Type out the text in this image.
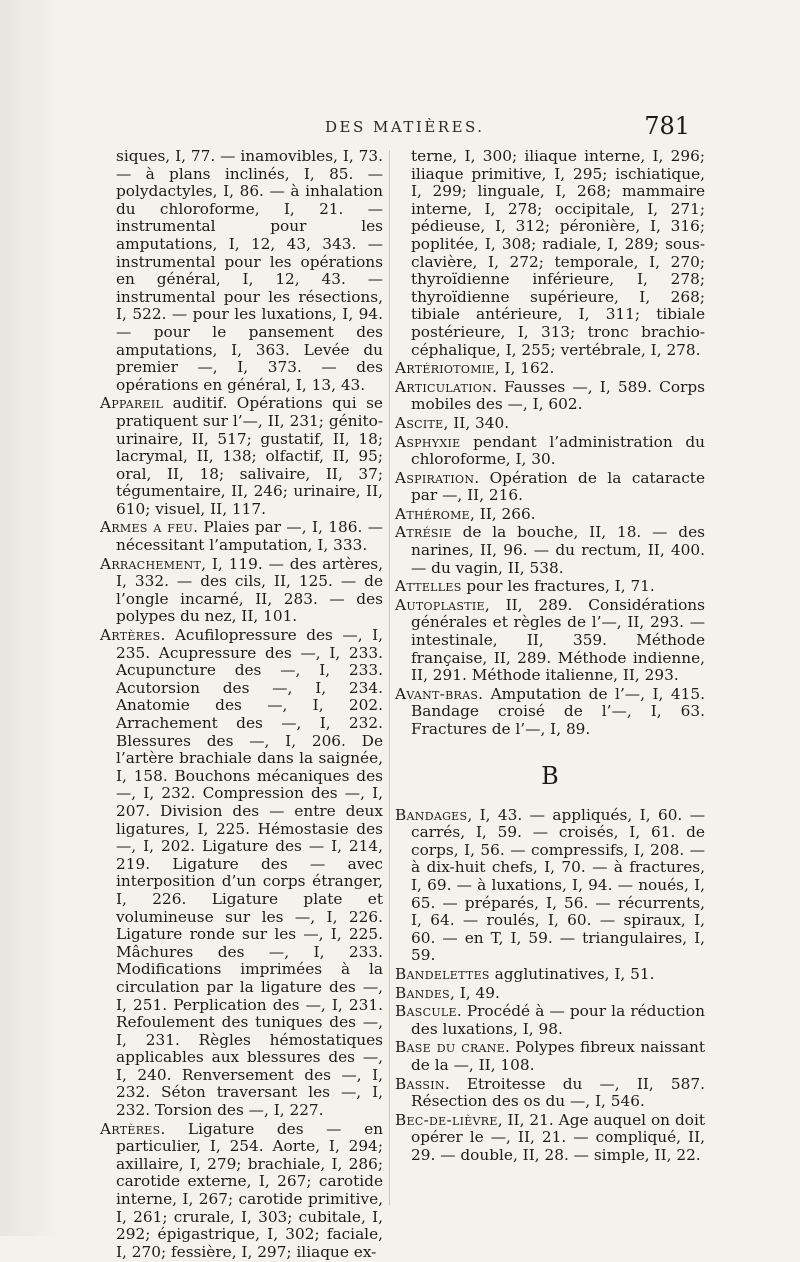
DES MATIÈRES.	781

siques, I, 77. — inamovibles, I, 73. — à plans inclinés, I, 85. — polydactyles, I, 86. — à inhalation du chloroforme, I, 21. — instrumental pour les amputations, I, 12, 43, 343. — instrumental pour les opérations en général, I, 12, 43. — instrumental pour les résections, I, 522. — pour les luxations, I, 94. — pour le pansement des amputations, I, 363. Levée du premier —, I, 373. — des opérations en général, I, 13, 43.

Appareil auditif. Opérations qui se pratiquent sur l’—, II, 231; génito-urinaire, II, 517; gustatif, II, 18; lacrymal, II, 138; olfactif, II, 95; oral, II, 18; salivaire, II, 37; tégumentaire, II, 246; urinaire, II, 610; visuel, II, 117.

Armes a feu. Plaies par —, I, 186. — nécessitant l’amputation, I, 333.

Arrachement, I, 119. — des artères, I, 332. — des cils, II, 125. — de l’ongle incarné, II, 283. — des polypes du nez, II, 101.

Artères. Acufilopressure des —, I, 235. Acupressure des —, I, 233. Acupuncture des —, I, 233. Acutorsion des —, I, 234. Anatomie des —, I, 202. Arrachement des —, I, 232. Blessures des —, I, 206. De l’artère brachiale dans la saignée, I, 158. Bouchons mécaniques des —, I, 232. Compression des —, I, 207. Division des — entre deux ligatures, I, 225. Hémostasie des —, I, 202. Ligature des — I, 214, 219. Ligature des — avec interposition d’un corps étranger, I, 226. Ligature plate et volumineuse sur les —, I, 226. Ligature ronde sur les —, I, 225. Mâchures des —, I, 233. Modifications imprimées à la circulation par la ligature des —, I, 251. Perplication des —, I, 231. Refoulement des tuniques des —, I, 231. Règles hémostatiques applicables aux blessures des —, I, 240. Renversement des —, I, 232. Séton traversant les —, I, 232. Torsion des —, I, 227.

Artères. Ligature des — en particulier, I, 254. Aorte, I, 294; axillaire, I, 279; brachiale, I, 286; carotide externe, I, 267; carotide interne, I, 267; carotide primitive, I, 261; crurale, I, 303; cubitale, I, 292; épigastrique, I, 302; faciale, I, 270; fessière, I, 297; iliaque ex-

terne, I, 300; iliaque interne, I, 296; iliaque primitive, I, 295; ischiatique, I, 299; linguale, I, 268; mammaire interne, I, 278; occipitale, I, 271; pédieuse, I, 312; péronière, I, 316; poplitée, I, 308; radiale, I, 289; sous-clavière, I, 272; temporale, I, 270; thyroïdienne inférieure, I, 278; thyroïdienne supérieure, I, 268; tibiale antérieure, I, 311; tibiale postérieure, I, 313; tronc brachio-céphalique, I, 255; vertébrale, I, 278.

Artériotomie, I, 162.

Articulation. Fausses —, I, 589. Corps mobiles des —, I, 602.

Ascite, II, 340.

Asphyxie pendant l’administration du chloroforme, I, 30.

Aspiration. Opération de la cataracte par —, II, 216.

Athérome, II, 266.

Atrésie de la bouche, II, 18. — des narines, II, 96. — du rectum, II, 400. — du vagin, II, 538.

Attelles pour les fractures, I, 71.

Autoplastie, II, 289. Considérations générales et règles de l’—, II, 293. — intestinale, II, 359. Méthode française, II, 289. Méthode indienne, II, 291. Méthode italienne, II, 293.

Avant-bras. Amputation de l’—, I, 415. Bandage croisé de l’—, I, 63. Fractures de l’—, I, 89.

B

Bandages, I, 43. — appliqués, I, 60. — carrés, I, 59. — croisés, I, 61. de corps, I, 56. — compressifs, I, 208. — à dix-huit chefs, I, 70. — à fractures, I, 69. — à luxations, I, 94. — noués, I, 65. — préparés, I, 56. — récurrents, I, 64. — roulés, I, 60. — spiraux, I, 60. — en T, I, 59. — triangulaires, I, 59.

Bandelettes agglutinatives, I, 51.

Bandes, I, 49.

Bascule. Procédé à — pour la réduction des luxations, I, 98.

Base du crane. Polypes fibreux naissant de la —, II, 108.

Bassin. Etroitesse du —, II, 587. Résection des os du —, I, 546.

Bec-de-lièvre, II, 21. Age auquel on doit opérer le —, II, 21. — compliqué, II, 29. — double, II, 28. — simple, II, 22.
